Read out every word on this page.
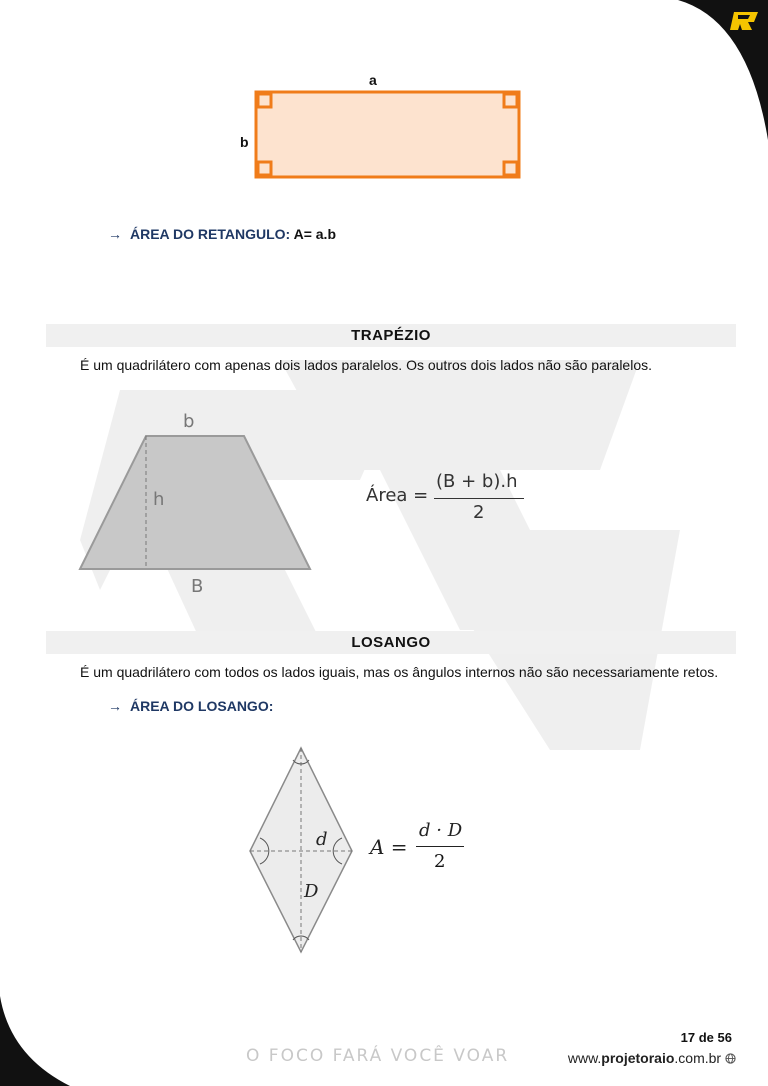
a
b
→ ÁREA DO RETANGULO: A= a.b
TRAPÉZIO
É um quadrilátero com apenas dois lados paralelos. Os outros dois lados não são paralelos.
b
h
B
Área =
(B + b).h
2
LOSANGO
É um quadrilátero com todos os lados iguais, mas os ângulos internos não são necessariamente retos.
→ ÁREA DO LOSANGO:
d
D
A =
d · D
2
O FOCO FARÁ VOCÊ VOAR
17 de 56
www.projetoraio.com.br
